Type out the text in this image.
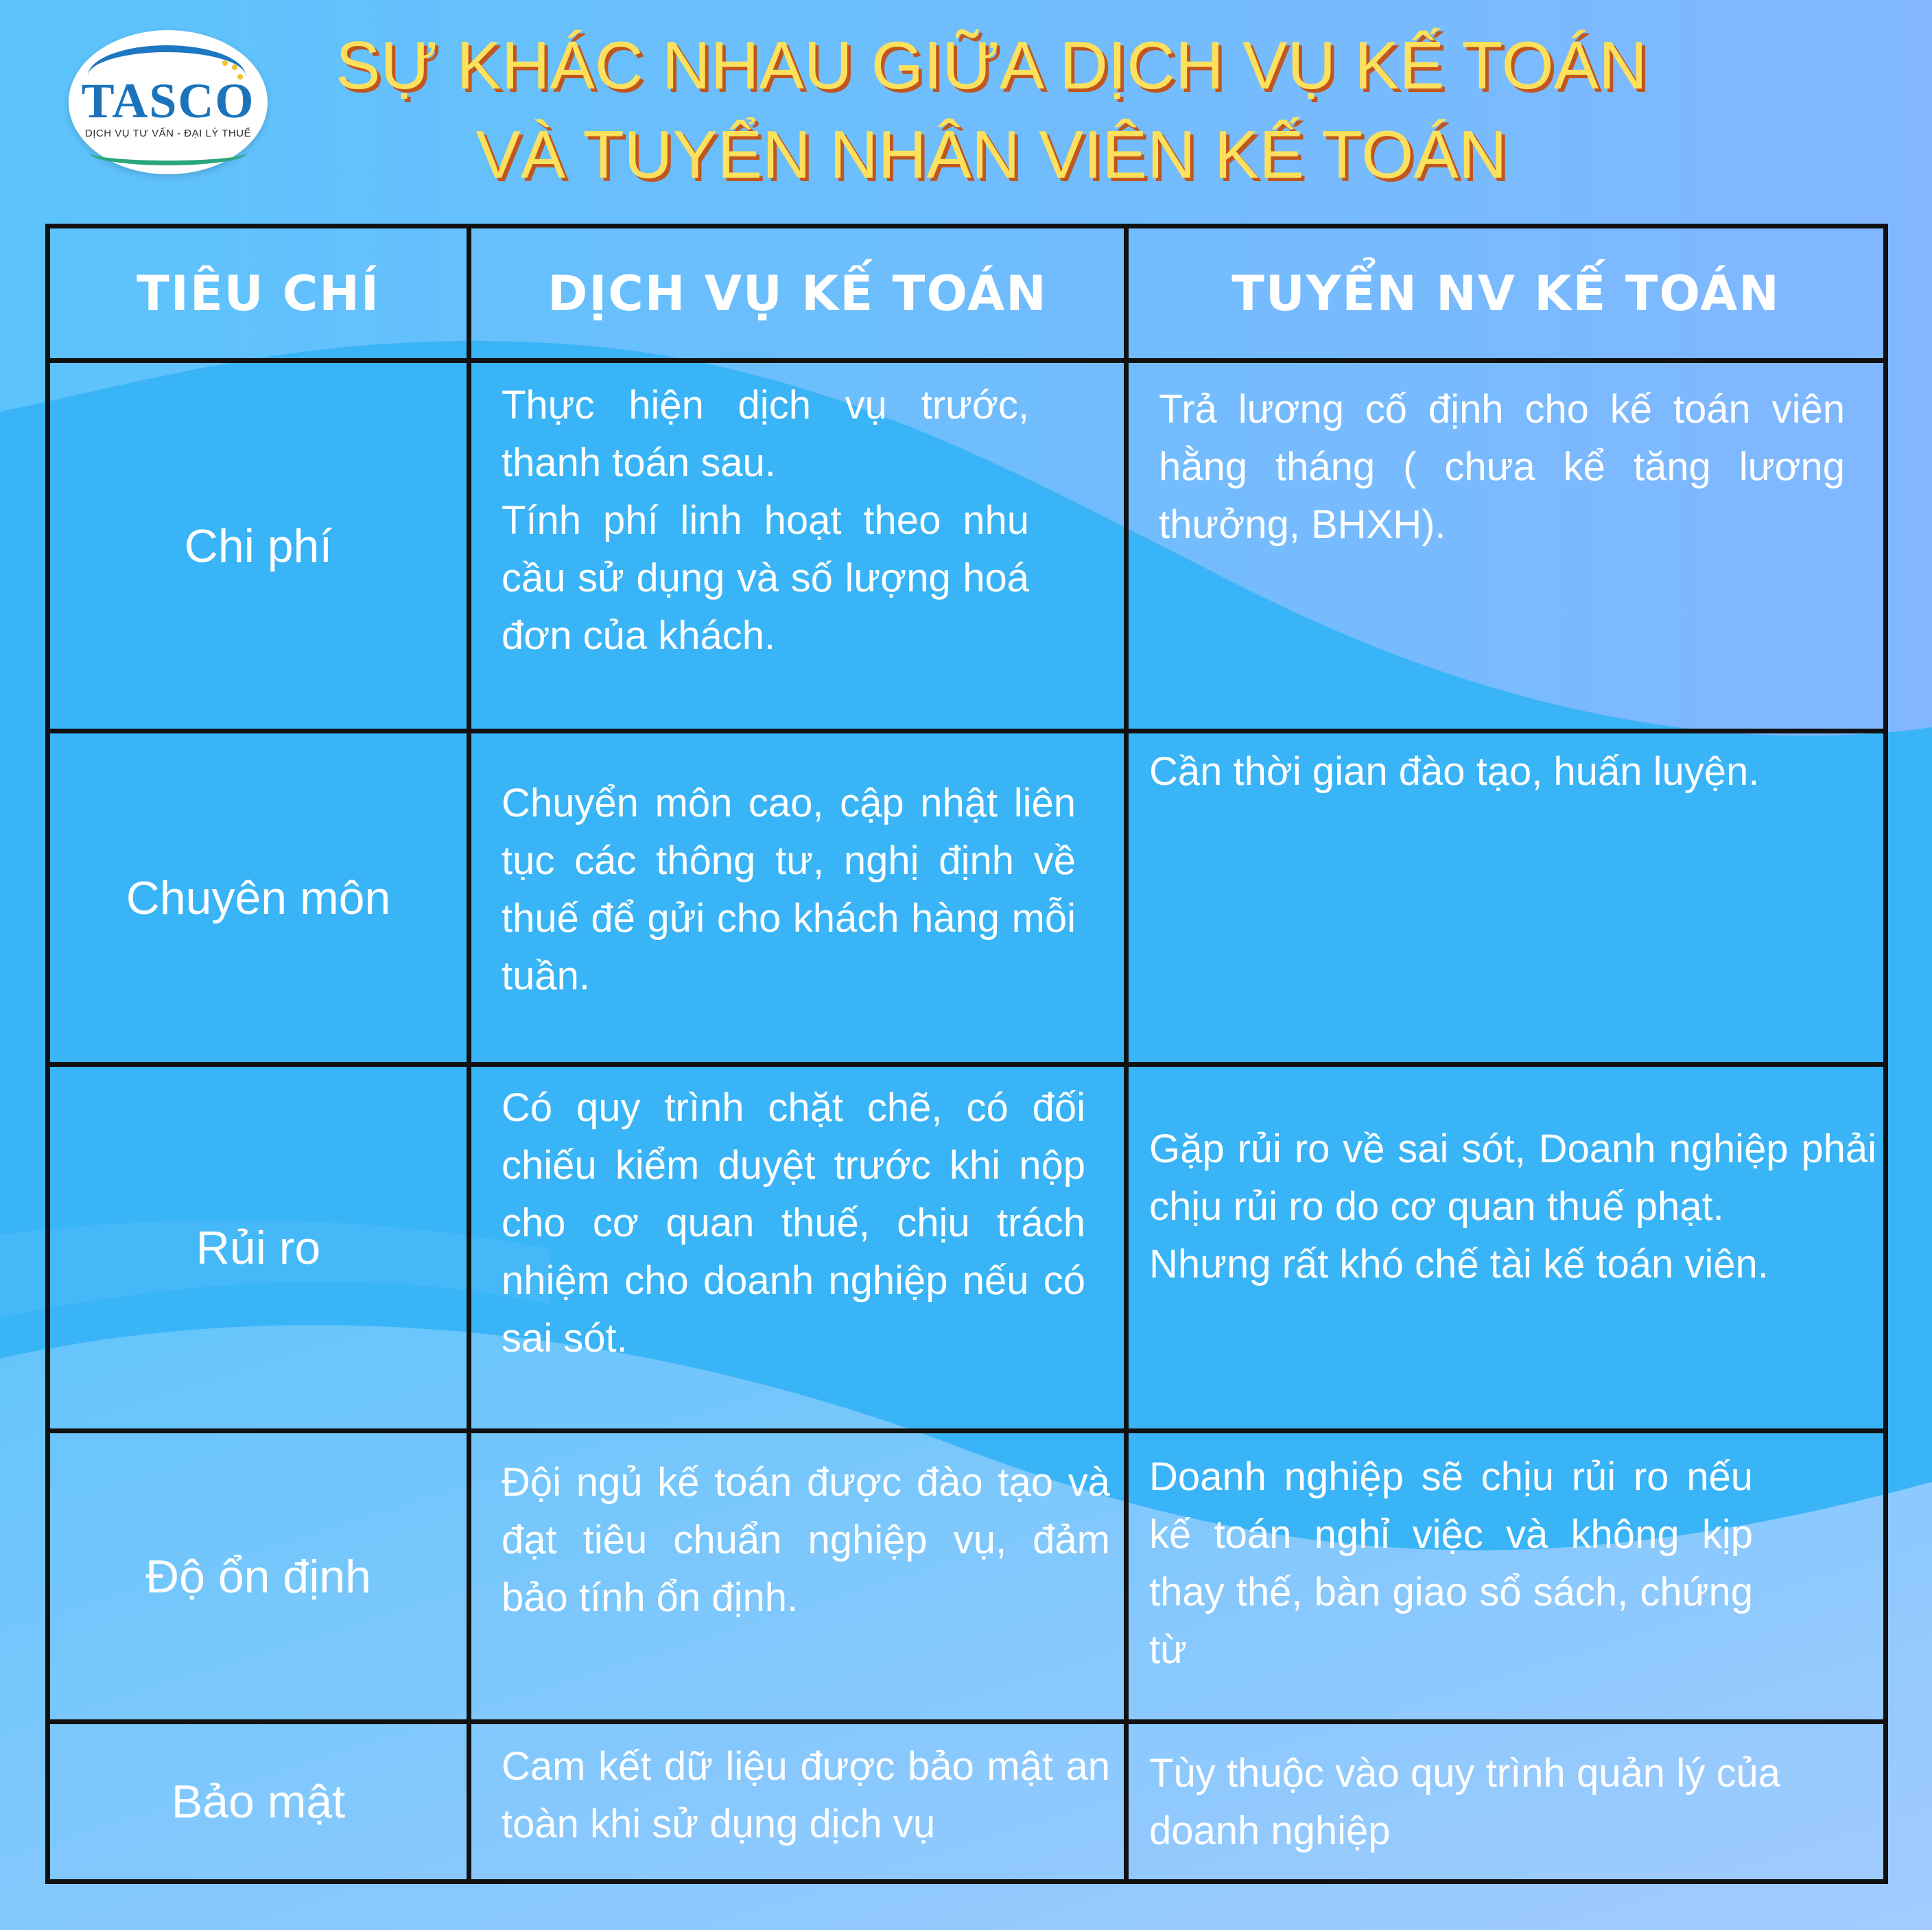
TASCO
DỊCH VỤ TƯ VẤN - ĐẠI LÝ THUẾ
SỰ KHÁC NHAU GIỮA DỊCH VỤ KẾ TOÁN
VÀ TUYỂN NHÂN VIÊN KẾ TOÁN
TIÊU CHÍ	DỊCH VỤ KẾ TOÁN	TUYỂN NV KẾ TOÁN
Chi phí

Thực hiện dịch vụ trước, thanh toán sau.

Tính phí linh hoạt theo nhu cầu sử dụng và số lượng hoá đơn của khách.

Trả lương cố định cho kế toán viên hằng tháng ( chưa kể tăng lương thưởng, BHXH).

Chuyên môn

Chuyển môn cao, cập nhật liên tục các thông tư, nghị định về thuế để gửi cho khách hàng mỗi tuần.

Cần thời gian đào tạo, huấn luyện.

Rủi ro

Có quy trình chặt chẽ, có đối chiếu kiểm duyệt trước khi nộp cho cơ quan thuế, chịu trách nhiệm cho doanh nghiệp nếu có sai sót.

Gặp rủi ro về sai sót, Doanh nghiệp phải chịu rủi ro do cơ quan thuế phạt.

Nhưng rất khó chế tài kế toán viên.

Độ ổn định

Đội ngủ kế toán được đào tạo và đạt tiêu chuẩn nghiệp vụ, đảm bảo tính ổn định.

Doanh nghiệp sẽ chịu rủi ro nếu kế toán nghỉ việc và không kịp thay thế, bàn giao sổ sách, chứng từ

Bảo mật

Cam kết dữ liệu được bảo mật an toàn khi sử dụng dịch vụ

Tùy thuộc vào quy trình quản lý của doanh nghiệp
